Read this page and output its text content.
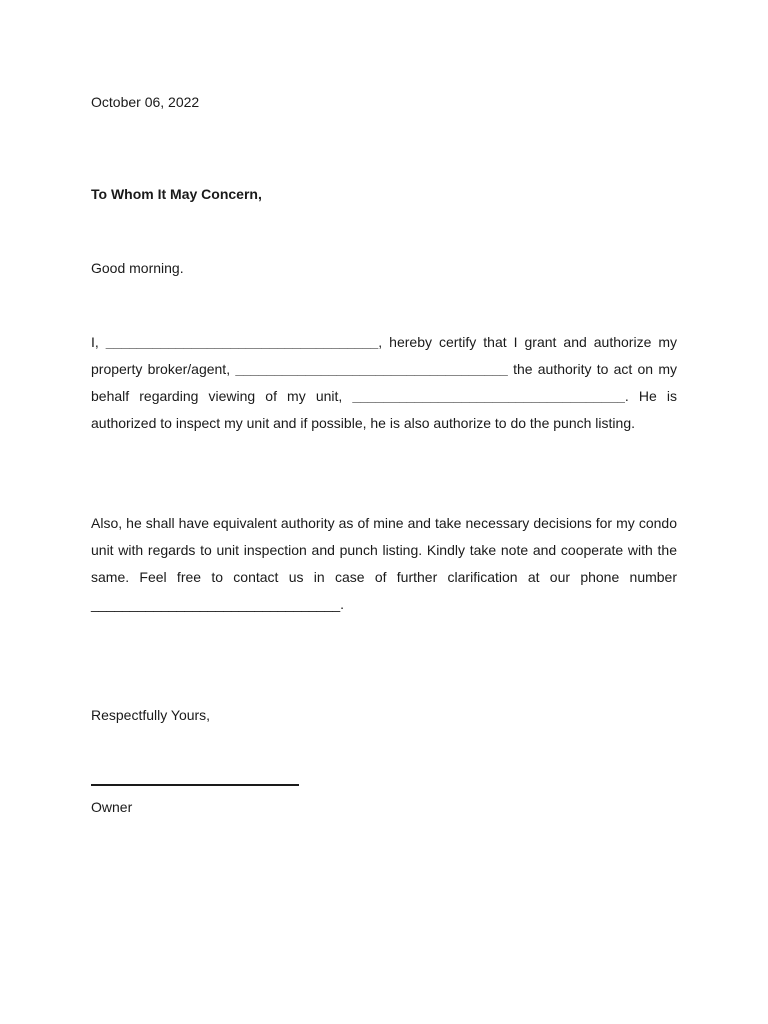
October 06, 2022
To Whom It May Concern,
Good morning.
I, ___________________________________, hereby certify that I grant and authorize my property broker/agent, ___________________________________ the authority to act on my behalf regarding viewing of my unit, ___________________________________. He is authorized to inspect my unit and if possible, he is also authorize to do the punch listing.
Also, he shall have equivalent authority as of mine and take necessary decisions for my condo unit with regards to unit inspection and punch listing. Kindly take note and cooperate with the same. Feel free to contact us in case of further clarification at our phone number ________________________________.
Respectfully Yours,
Owner
